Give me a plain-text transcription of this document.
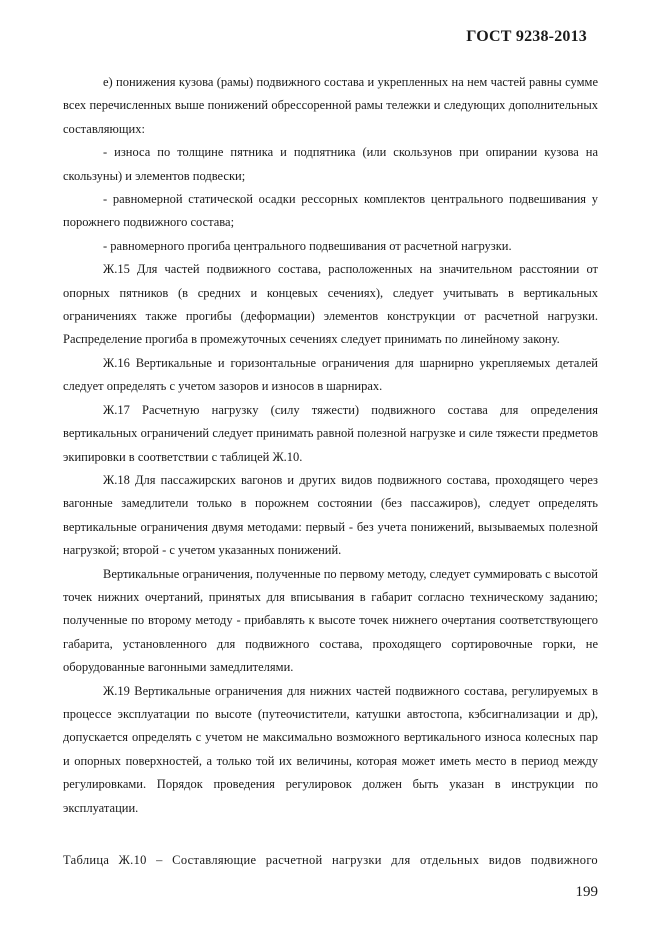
ГОСТ 9238-2013

е) понижения кузова (рамы) подвижного состава и укрепленных на нем частей равны сумме всех перечисленных выше понижений обрессоренной рамы тележки и следующих дополнительных составляющих:

- износа по толщине пятника и подпятника (или скользунов при опирании кузова на скользуны) и элементов подвески;

- равномерной статической осадки рессорных комплектов центрального подвешивания у порожнего подвижного состава;

- равномерного прогиба центрального подвешивания от расчетной нагрузки.

Ж.15 Для частей подвижного состава, расположенных на значительном расстоянии от опорных пятников (в средних и концевых сечениях), следует учитывать в вертикальных ограничениях также прогибы (деформации) элементов конструкции от расчетной нагрузки. Распределение прогиба в промежуточных сечениях следует принимать по линейному закону.

Ж.16 Вертикальные и горизонтальные ограничения для шарнирно укрепляемых деталей следует определять с учетом зазоров и износов в шарнирах.

Ж.17 Расчетную нагрузку (силу тяжести) подвижного состава для определения вертикальных ограничений следует принимать равной полезной нагрузке и силе тяжести предметов экипировки в соответствии с таблицей Ж.10.

Ж.18 Для пассажирских вагонов и других видов подвижного состава, проходящего через вагонные замедлители только в порожнем состоянии (без пассажиров), следует определять вертикальные ограничения двумя методами: первый - без учета понижений, вызываемых полезной нагрузкой; второй - с учетом указанных понижений.

Вертикальные ограничения, полученные по первому методу, следует суммировать с высотой точек нижних очертаний, принятых для вписывания в габарит согласно техническому заданию; полученные по второму методу - прибавлять к высоте точек нижнего очертания соответствующего габарита, установленного для подвижного состава, проходящего сортировочные горки, не оборудованные вагонными замедлителями.

Ж.19 Вертикальные ограничения для нижних частей подвижного состава, регулируемых в процессе эксплуатации по высоте (путеочистители, катушки автостопа, кэбсигнализации и др), допускается определять с учетом не максимально возможного вертикального износа колесных пар и опорных поверхностей, а только той их величины, которая может иметь место в период между регулировками. Порядок проведения регулировок должен быть указан в инструкции по эксплуатации.

Таблица Ж.10 – Составляющие расчетной нагрузки для отдельных видов подвижного
199
